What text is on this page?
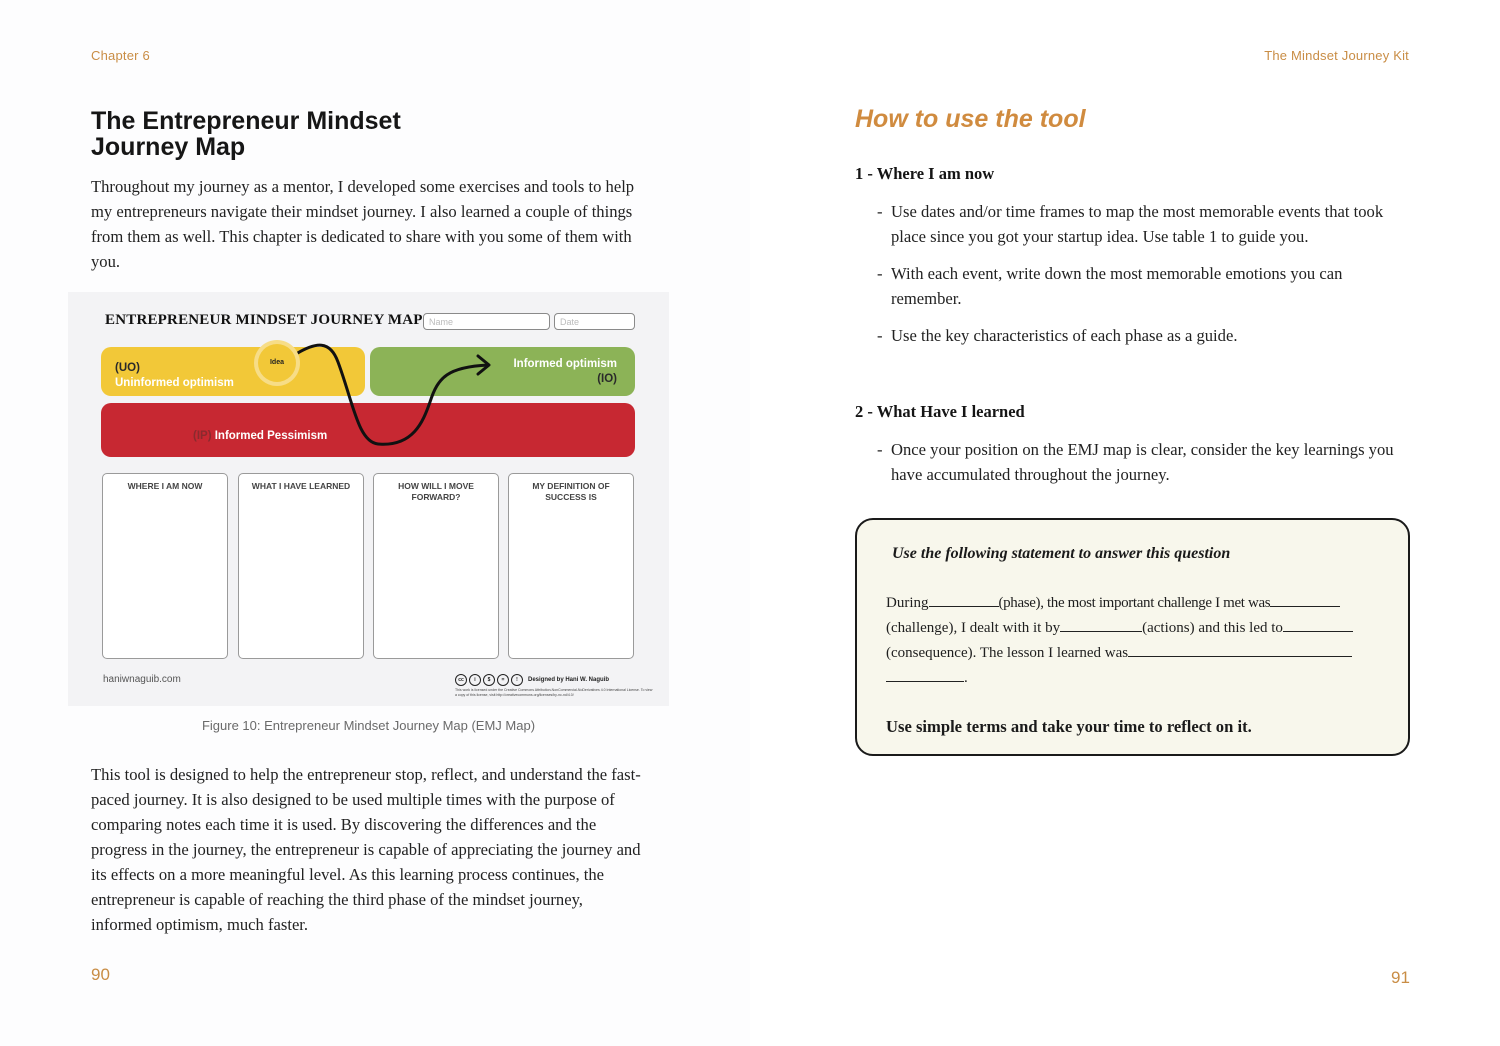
Chapter 6
The Entrepreneur Mindset Journey Map

Throughout my journey as a mentor, I developed some exercises and tools to help my entrepreneurs navigate their mindset journey. I also learned a couple of things from them as well. This chapter is dedicated to share with you some of them with you.

ENTREPRENEUR MINDSET JOURNEY MAP Name	Date
(UO)
Uninformed optimism
Informed optimism
(IO)
(IP) Informed Pessimism
Idea
WHERE I AM NOW	WHAT I HAVE LEARNED	HOW WILL I MOVE FORWARD?
MY DEFINITION OF SUCCESS IS
haniwnaguib.com	cc	i	$	=	!	Designed by Hani W. Naguib
This work is licensed under the Creative Commons Attribution-NonCommercial-NoDerivatives 4.0 International License. To view a copy of this license, visit http://creativecommons.org/licenses/by-nc-nd/4.0/
Figure 10: Entrepreneur Mindset Journey Map (EMJ Map)

This tool is designed to help the entrepreneur stop, reflect, and understand the fast-paced journey. It is also designed to be used multiple times with the purpose of comparing notes each time it is used. By discovering the differences and the progress in the journey, the entrepreneur is capable of appreciating the journey and its effects on a more meaningful level. As this learning process continues, the entrepreneur is capable of reaching the third phase of the mindset journey, informed optimism, much faster.

90
The Mindset Journey Kit
How to use the tool
1 - Where I am now
- Use dates and/or time frames to map the most memorable events that took place since you got your startup idea. Use table 1 to guide you.
- With each event, write down the most memorable emotions you can remember.
- Use the key characteristics of each phase as a guide.
2 - What Have I learned
- Once your position on the EMJ map is clear, consider the key learnings you have accumulated throughout the journey.
Use the following statement to answer this question
During	(phase), the most important challenge I met was (challenge), I dealt with it by	(actions) and this led to (consequence). The lesson I learned was
.
Use simple terms and take your time to reflect on it.
91
